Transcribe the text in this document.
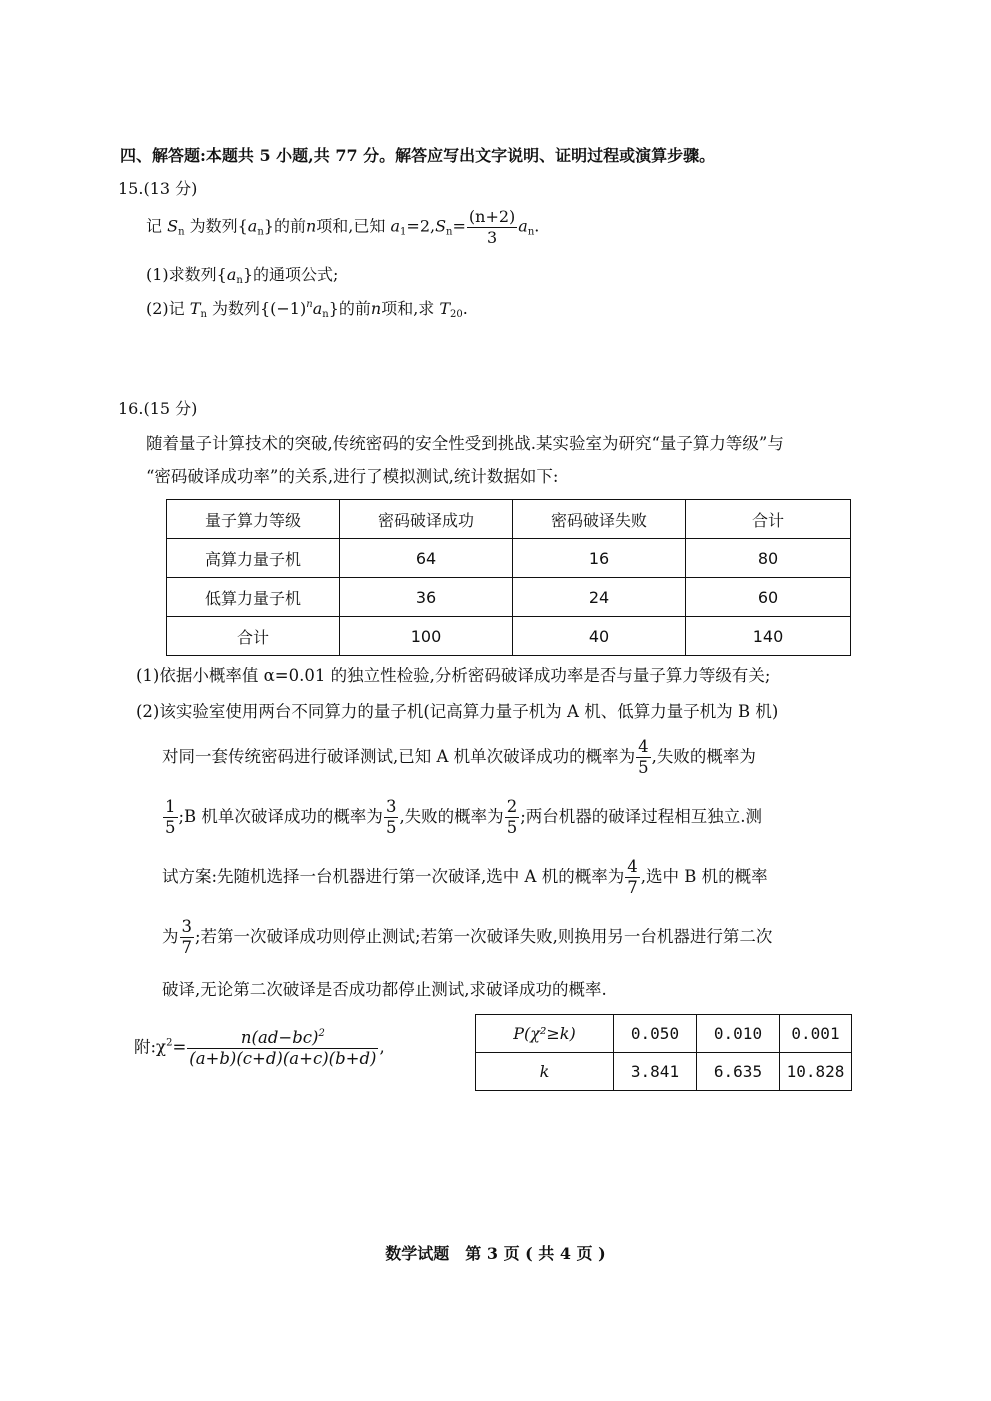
四、解答题:本题共 5 小题,共 77 分。解答应写出文字说明、证明过程或演算步骤。
15.(13 分)
记 $S_n$ 为数列$\{a_n\}$的前n项和,已知 $a_1=2,S_n= \frac{(n+2)}{3} a_n$.
(1)求数列$\{a_n\}$的通项公式;
(2)记 $T_n$ 为数列$\{(-1)^na_n\}$的前n项和,求 $T_{20}$.
16.(15 分)
随着量子计算技术的突破,传统密码的安全性受到挑战.某实验室为研究“量子算力等级”与
“密码破译成功率”的关系,进行了模拟测试,统计数据如下:
量子算力等级	密码破译成功	密码破译失败	合计
高算力量子机	64	16	80
低算力量子机	36	24	60
合计	100	40	140
(1)依据小概率值 α=0.01 的独立性检验,分析密码破译成功率是否与量子算力等级有关;
(2)该实验室使用两台不同算力的量子机(记高算力量子机为 A 机、低算力量子机为 B 机)
对同一套传统密码进行破译测试,已知 A 机单次破译成功的概率为 $\frac{4}{5}$ ,失败的概率为
$\frac{1}{5}$ ;B 机单次破译成功的概率为 $\frac{3}{5}$ ,失败的概率为 $\frac{2}{5}$ ;两台机器的破译过程相互独立.测
试方案:先随机选择一台机器进行第一次破译,选中 A 机的概率为 $\frac{4}{7}$ ,选中 B 机的概率
为 $\frac{3}{7}$ ;若第一次破译成功则停止测试;若第一次破译失败,则换用另一台机器进行第二次
破译,无论第二次破译是否成功都停止测试,求破译成功的概率.
附$:\chi^2= \frac{n(ad-bc)^2}{(a+b)(c+d)(a+c)(b+d)}$ ,
P(χ²≥k)	0.050	0.010	0.001
k	3.841	6.635	10.828
数学试题　第 3 页 ( 共 4 页 )
